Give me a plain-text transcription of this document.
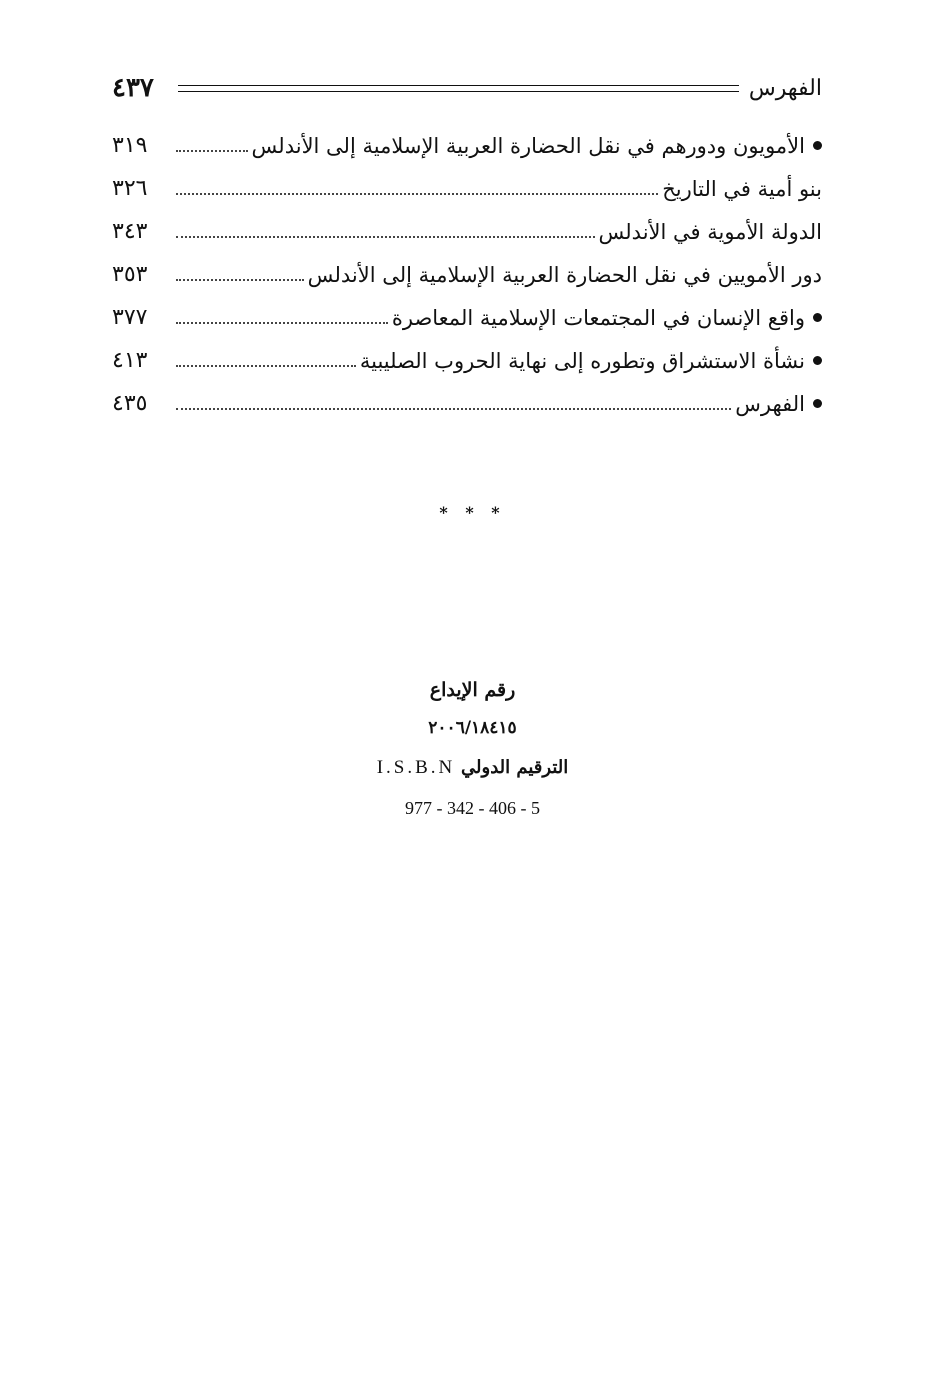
٤٣٧	الفهرس
٣١٩	الأمويون ودورهم في نقل الحضارة العربية الإسلامية إلى الأندلس
٣٢٦	بنو أمية في التاريخ
٣٤٣	الدولة الأموية في الأندلس
٣٥٣	دور الأمويين في نقل الحضارة العربية الإسلامية إلى الأندلس
٣٧٧	واقع الإنسان في المجتمعات الإسلامية المعاصرة
٤١٣	نشأة الاستشراق وتطوره إلى نهاية الحروب الصليبية
٤٣٥	الفهرس
* * *
رقم الإيداع
٢٠٠٦/١٨٤١٥
I.S.B.N الترقيم الدولي
977 - 342 - 406 - 5
